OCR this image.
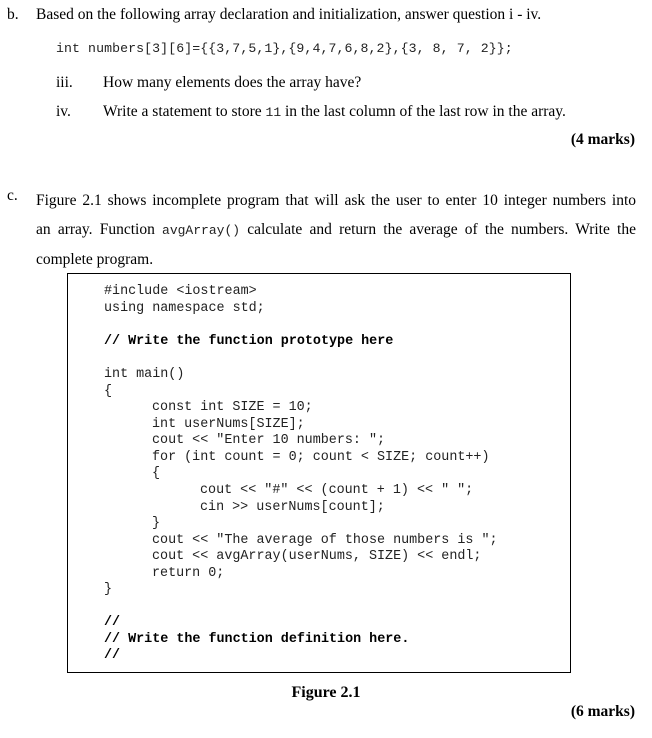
b. Based on the following array declaration and initialization, answer question i - iv.
int numbers[3][6]={{3,7,5,1},{9,4,7,6,8,2},{3, 8, 7, 2}};
iii. How many elements does the array have?
iv. Write a statement to store 11 in the last column of the last row in the array.
(4 marks)
c. Figure 2.1 shows incomplete program that will ask the user to enter 10 integer numbers into
an array. Function avgArray() calculate and return the average of the numbers. Write the
complete program.
#include <iostream>
using namespace std;
// Write the function prototype here
int main()
{
const int SIZE = 10;
int userNums[SIZE];
cout << "Enter 10 numbers: ";
for (int count = 0; count < SIZE; count++)
{
cout << "#" << (count + 1) << " ";
cin >> userNums[count];
}
cout << "The average of those numbers is ";
cout << avgArray(userNums, SIZE) << endl;
return 0;
}
//
// Write the function definition here.
//
Figure 2.1
(6 marks)
